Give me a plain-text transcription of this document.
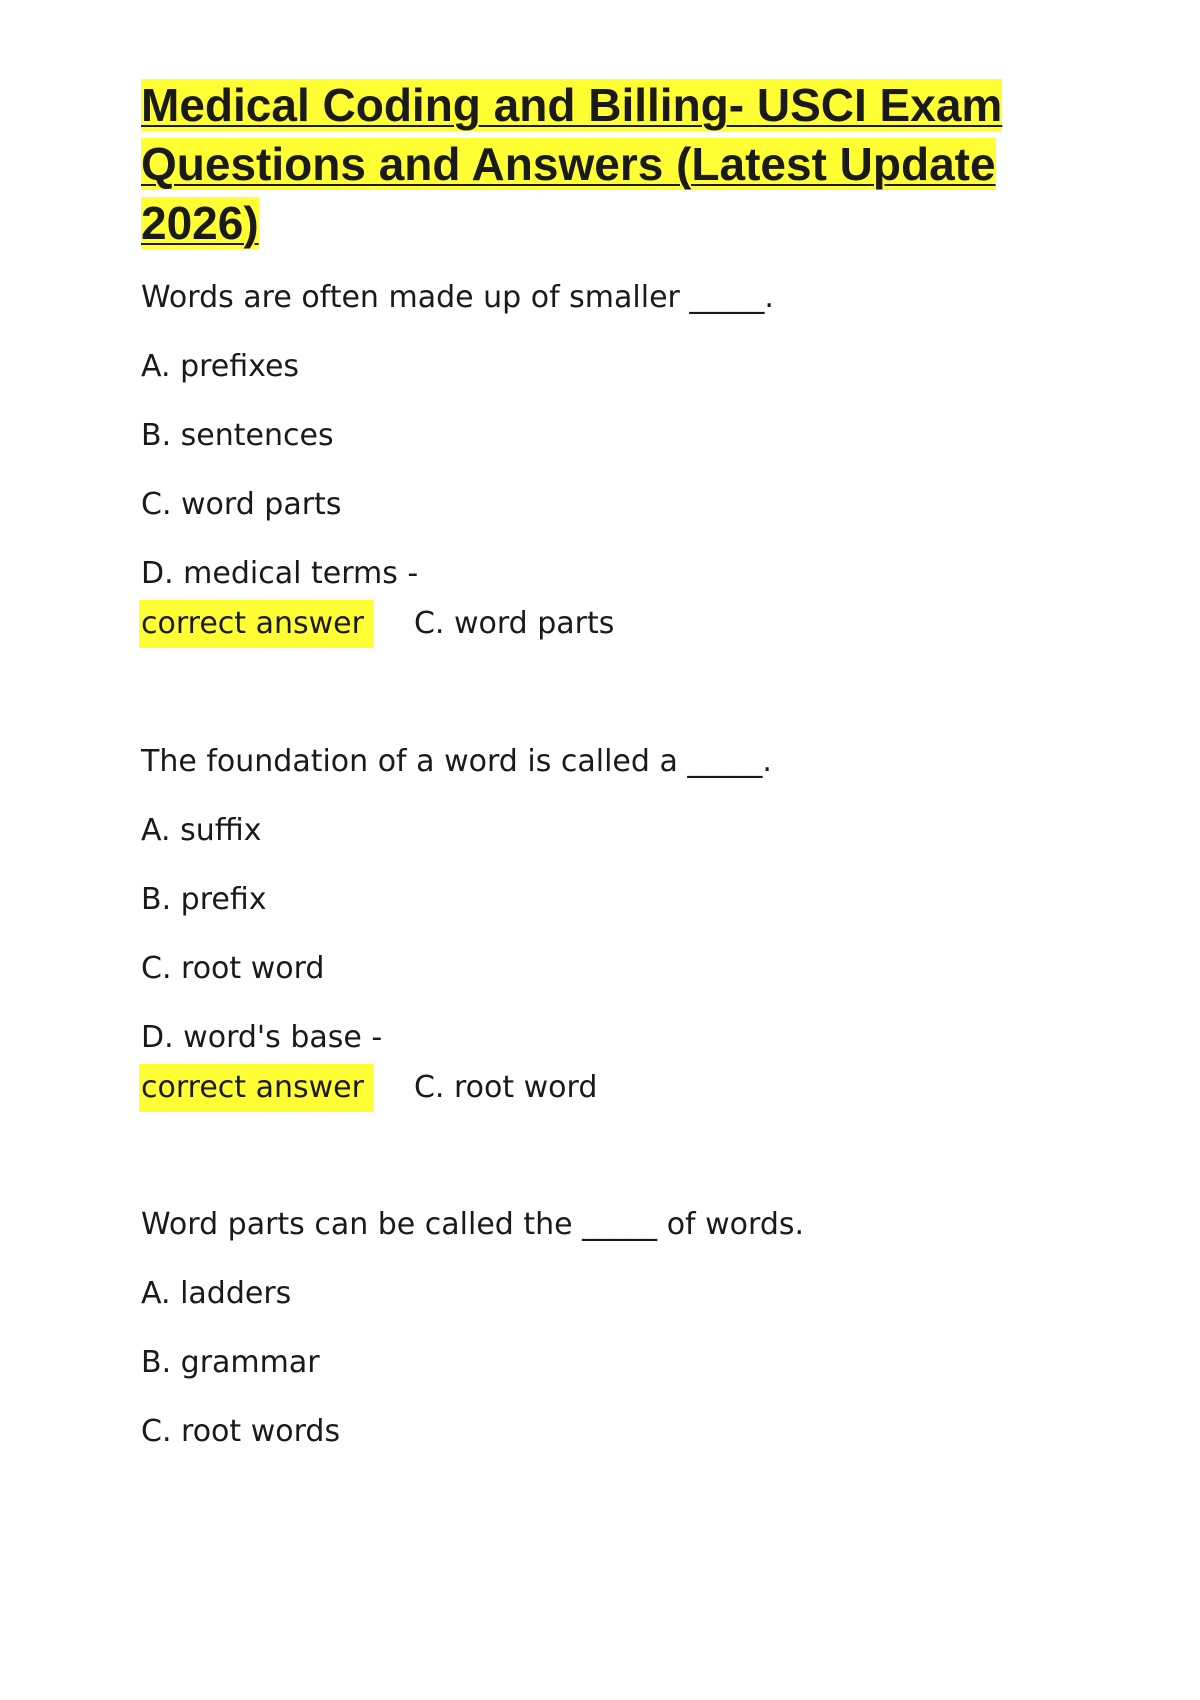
Medical Coding and Billing- USCI Exam Questions and Answers (Latest Update 2026)

Words are often made up of smaller _____.

A. prefixes
B. sentences
C. word parts
D. medical terms -
correct answer C. word parts

The foundation of a word is called a _____.

A. suffix
B. prefix
C. root word
D. word's base -
correct answer C. root word

Word parts can be called the _____ of words.

A. ladders
B. grammar
C. root words
